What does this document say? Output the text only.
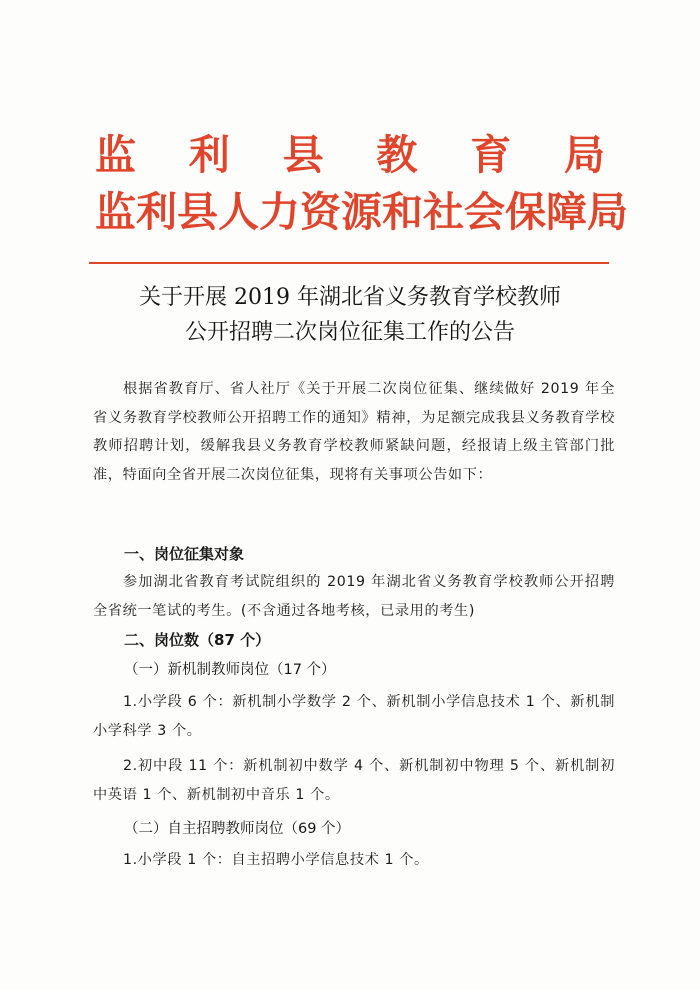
监 利 县 教 育 局
监利县人力资源和社会保障局
关于开展 2019 年湖北省义务教育学校教师
公开招聘二次岗位征集工作的公告
根据省教育厅、省人社厅《关于开展二次岗位征集、继续做好 2019 年全省义务教育学校教师公开招聘工作的通知》精神，为足额完成我县义务教育学校教师招聘计划，缓解我县义务教育学校教师紧缺问题，经报请上级主管部门批准，特面向全省开展二次岗位征集，现将有关事项公告如下：
一、岗位征集对象
参加湖北省教育考试院组织的 2019 年湖北省义务教育学校教师公开招聘全省统一笔试的考生。(不含通过各地考核，已录用的考生)
二、岗位数（87 个）
（一）新机制教师岗位（17 个）
1.小学段 6 个：新机制小学数学 2 个、新机制小学信息技术 1 个、新机制小学科学 3 个。
2.初中段 11 个：新机制初中数学 4 个、新机制初中物理 5 个、新机制初中英语 1 个、新机制初中音乐 1 个。
（二）自主招聘教师岗位（69 个）
1.小学段 1 个：自主招聘小学信息技术 1 个。
